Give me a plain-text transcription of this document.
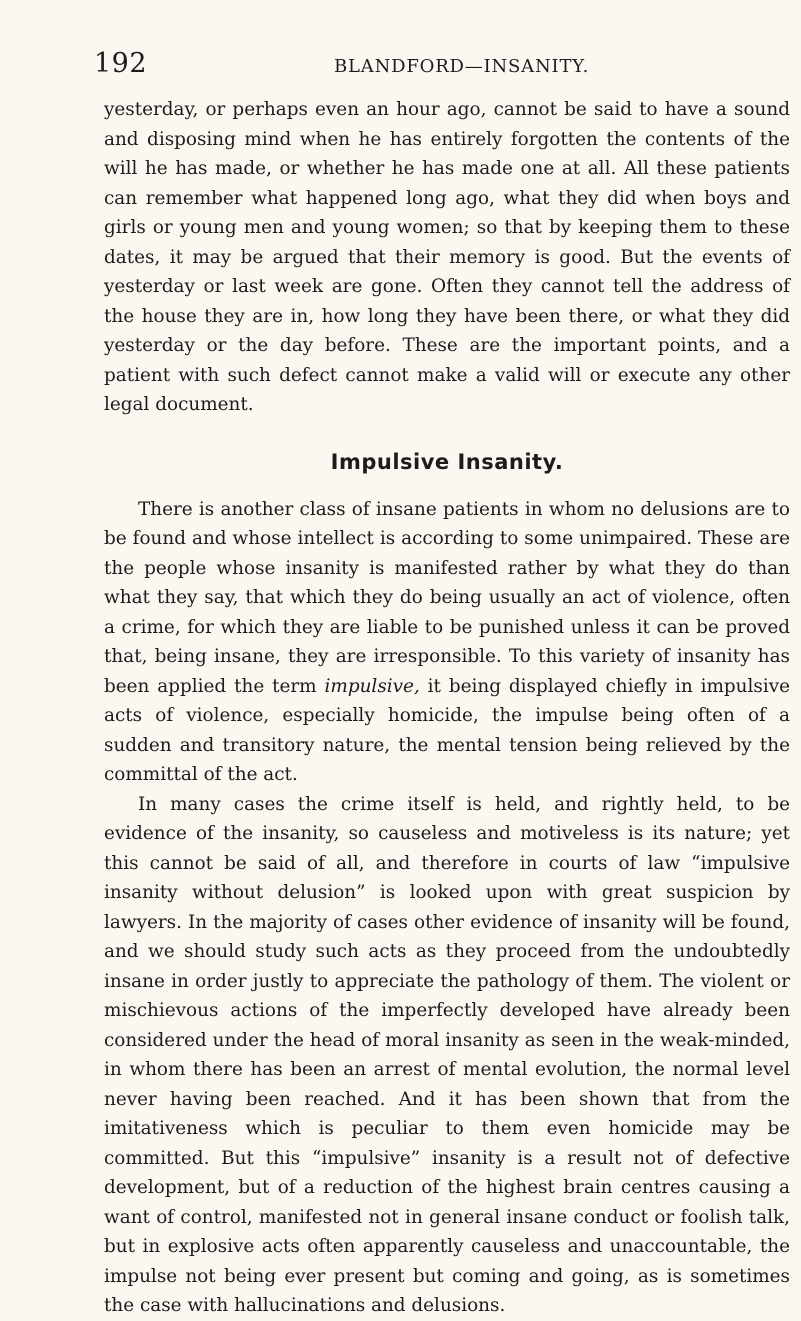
192	BLANDFORD—INSANITY.

yesterday, or perhaps even an hour ago, cannot be said to have a sound and disposing mind when he has entirely forgotten the contents of the will he has made, or whether he has made one at all. All these patients can remember what happened long ago, what they did when boys and girls or young men and young women; so that by keeping them to these dates, it may be argued that their memory is good. But the events of yesterday or last week are gone. Often they cannot tell the address of the house they are in, how long they have been there, or what they did yesterday or the day before. These are the important points, and a patient with such defect cannot make a valid will or execute any other legal document.

Impulsive Insanity.

There is another class of insane patients in whom no delusions are to be found and whose intellect is according to some unimpaired. These are the people whose insanity is manifested rather by what they do than what they say, that which they do being usually an act of violence, often a crime, for which they are liable to be punished unless it can be proved that, being insane, they are irresponsible. To this variety of insanity has been applied the term impulsive, it being displayed chiefly in impulsive acts of violence, especially homicide, the impulse being often of a sudden and transitory nature, the mental tension being relieved by the committal of the act.

In many cases the crime itself is held, and rightly held, to be evidence of the insanity, so causeless and motiveless is its nature; yet this cannot be said of all, and therefore in courts of law “impulsive insanity without delusion” is looked upon with great suspicion by lawyers. In the majority of cases other evidence of insanity will be found, and we should study such acts as they proceed from the undoubtedly insane in order justly to appreciate the pathology of them. The violent or mischievous actions of the imperfectly developed have already been considered under the head of moral insanity as seen in the weak-minded, in whom there has been an arrest of mental evolution, the normal level never having been reached. And it has been shown that from the imitativeness which is peculiar to them even homicide may be committed. But this “impulsive” insanity is a result not of defective development, but of a reduction of the highest brain centres causing a want of control, manifested not in general insane conduct or foolish talk, but in explosive acts often apparently causeless and unaccountable, the impulse not being ever present but coming and going, as is sometimes the case with hallucinations and delusions.
